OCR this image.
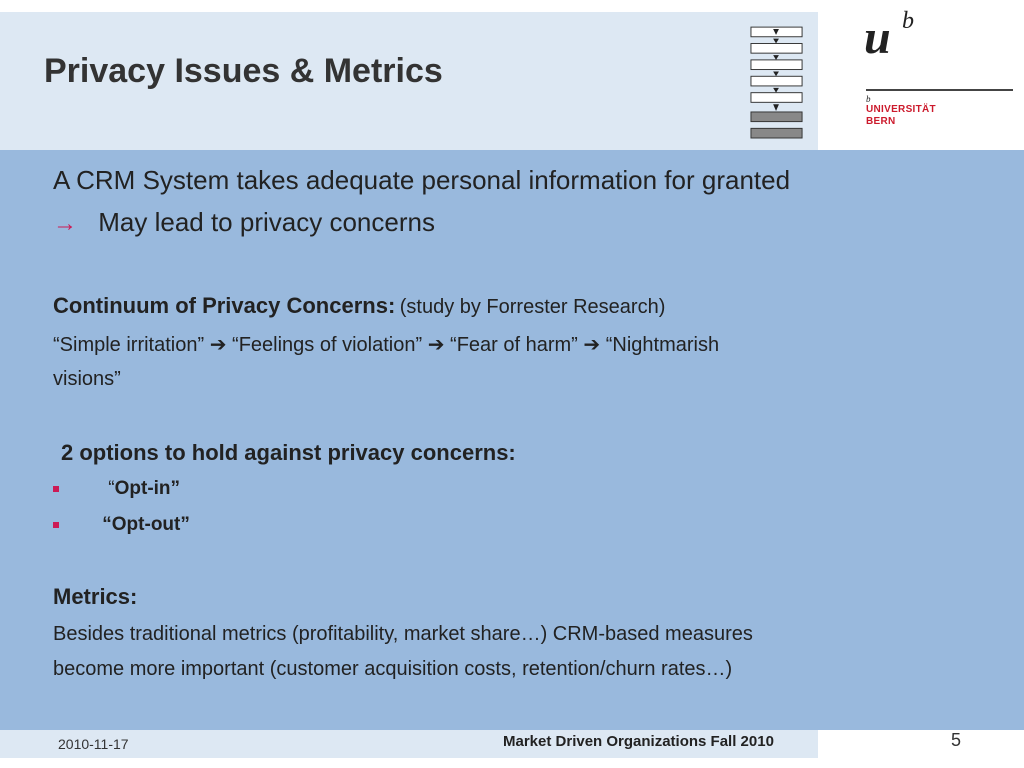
Privacy Issues & Metrics
u b
b
UNIVERSITÄT
BERN
A CRM System takes adequate personal information for granted
→ May lead to privacy concerns
Continuum of Privacy Concerns: (study by Forrester Research)
“Simple irritation” ➔ “Feelings of violation” ➔ “Fear of harm” ➔ “Nightmarish
visions”
2 options to hold against privacy concerns:
“Opt-in”
“Opt-out”
Metrics:
Besides traditional metrics (profitability, market share…) CRM-based measures
become more important (customer acquisition costs, retention/churn rates…)
2010-11-17	Market Driven Organizations Fall 2010	5
